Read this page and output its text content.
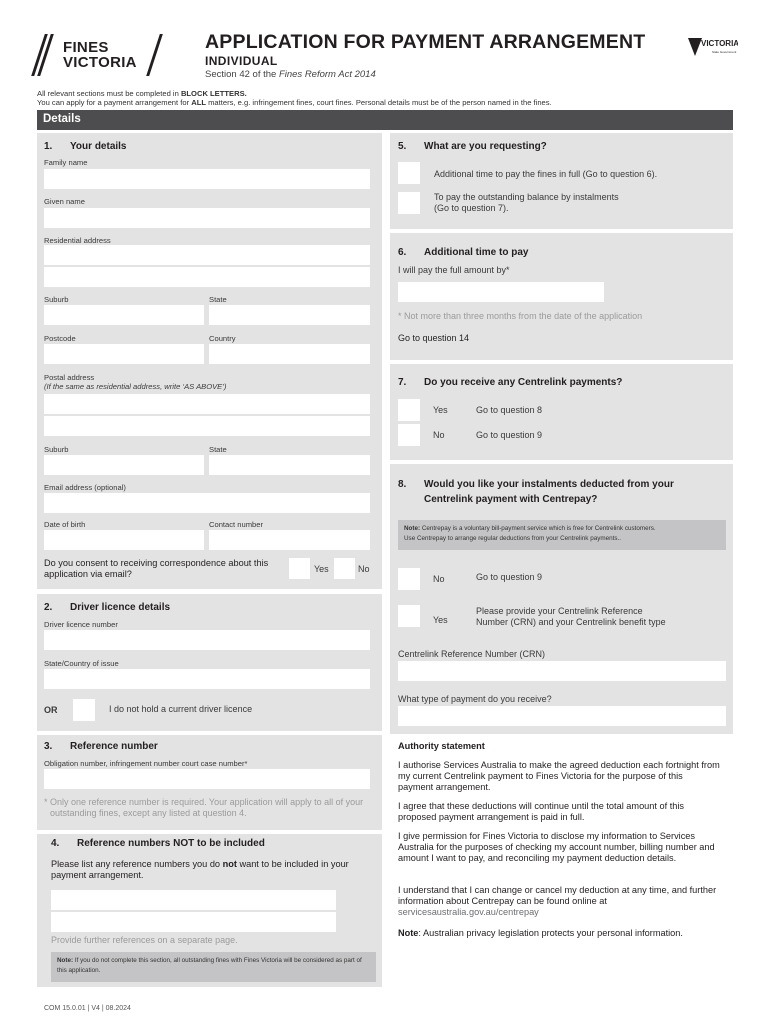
FINES
VICTORIA
APPLICATION FOR PAYMENT ARRANGEMENT
INDIVIDUAL
Section 42 of the Fines Reform Act 2014
VICTORIA
State Government
All relevant sections must be completed in BLOCK LETTERS.
You can apply for a payment arrangement for ALL matters, e.g. infringement fines, court fines. Personal details must be of the person named in the fines.
Details
1. Your details
Family name
Given name
Residential address
Suburb	State
Postcode	Country
Postal address
(If the same as residential address, write ‘AS ABOVE’)
Suburb	State
Email address (optional)
Date of birth	Contact number
Do you consent to receiving correspondence about this application via email?	Yes	No
2. Driver licence details
Driver licence number
State/Country of issue
OR	I do not hold a current driver licence
3. Reference number
Obligation number, infringement number court case number*
* Only one reference number is required. Your application will apply to all of your outstanding fines, except any listed at question 4.
4. Reference numbers NOT to be included
Please list any reference numbers you do not want to be included in your payment arrangement.
Provide further references on a separate page.
Note: If you do not complete this section, all outstanding fines with Fines Victoria will be considered as part of this application.
5. What are you requesting?
Additional time to pay the fines in full (Go to question 6).
To pay the outstanding balance by instalments
(Go to question 7).
6. Additional time to pay
I will pay the full amount by*
* Not more than three months from the date of the application
Go to question 14
7. Do you receive any Centrelink payments?
Yes	Go to question 8
No	Go to question 9
8. Would you like your instalments deducted from your
Centrelink payment with Centrepay?
Note: Centrepay is a voluntary bill-payment service which is free for Centrelink customers.
Use Centrepay to arrange regular deductions from your Centrelink payments..
No	Go to question 9
Yes
Please provide your Centrelink Reference
Number (CRN) and your Centrelink benefit type
Centrelink Reference Number (CRN)
What type of payment do you receive?
Authority statement
I authorise Services Australia to make the agreed deduction each fortnight from my current Centrelink payment to Fines Victoria for the purpose of this payment arrangement.
I agree that these deductions will continue until the total amount of this proposed payment arrangement is paid in full.
I give permission for Fines Victoria to disclose my information to Services Australia for the purposes of checking my account number, billing number and amount I want to pay, and reconciling my payment deduction details.
I understand that I can change or cancel my deduction at any time, and further information about Centrepay can be found online at servicesaustralia.gov.au/centrepay
Note: Australian privacy legislation protects your personal information.
COM 15.0.01 | V4 | 08.2024
